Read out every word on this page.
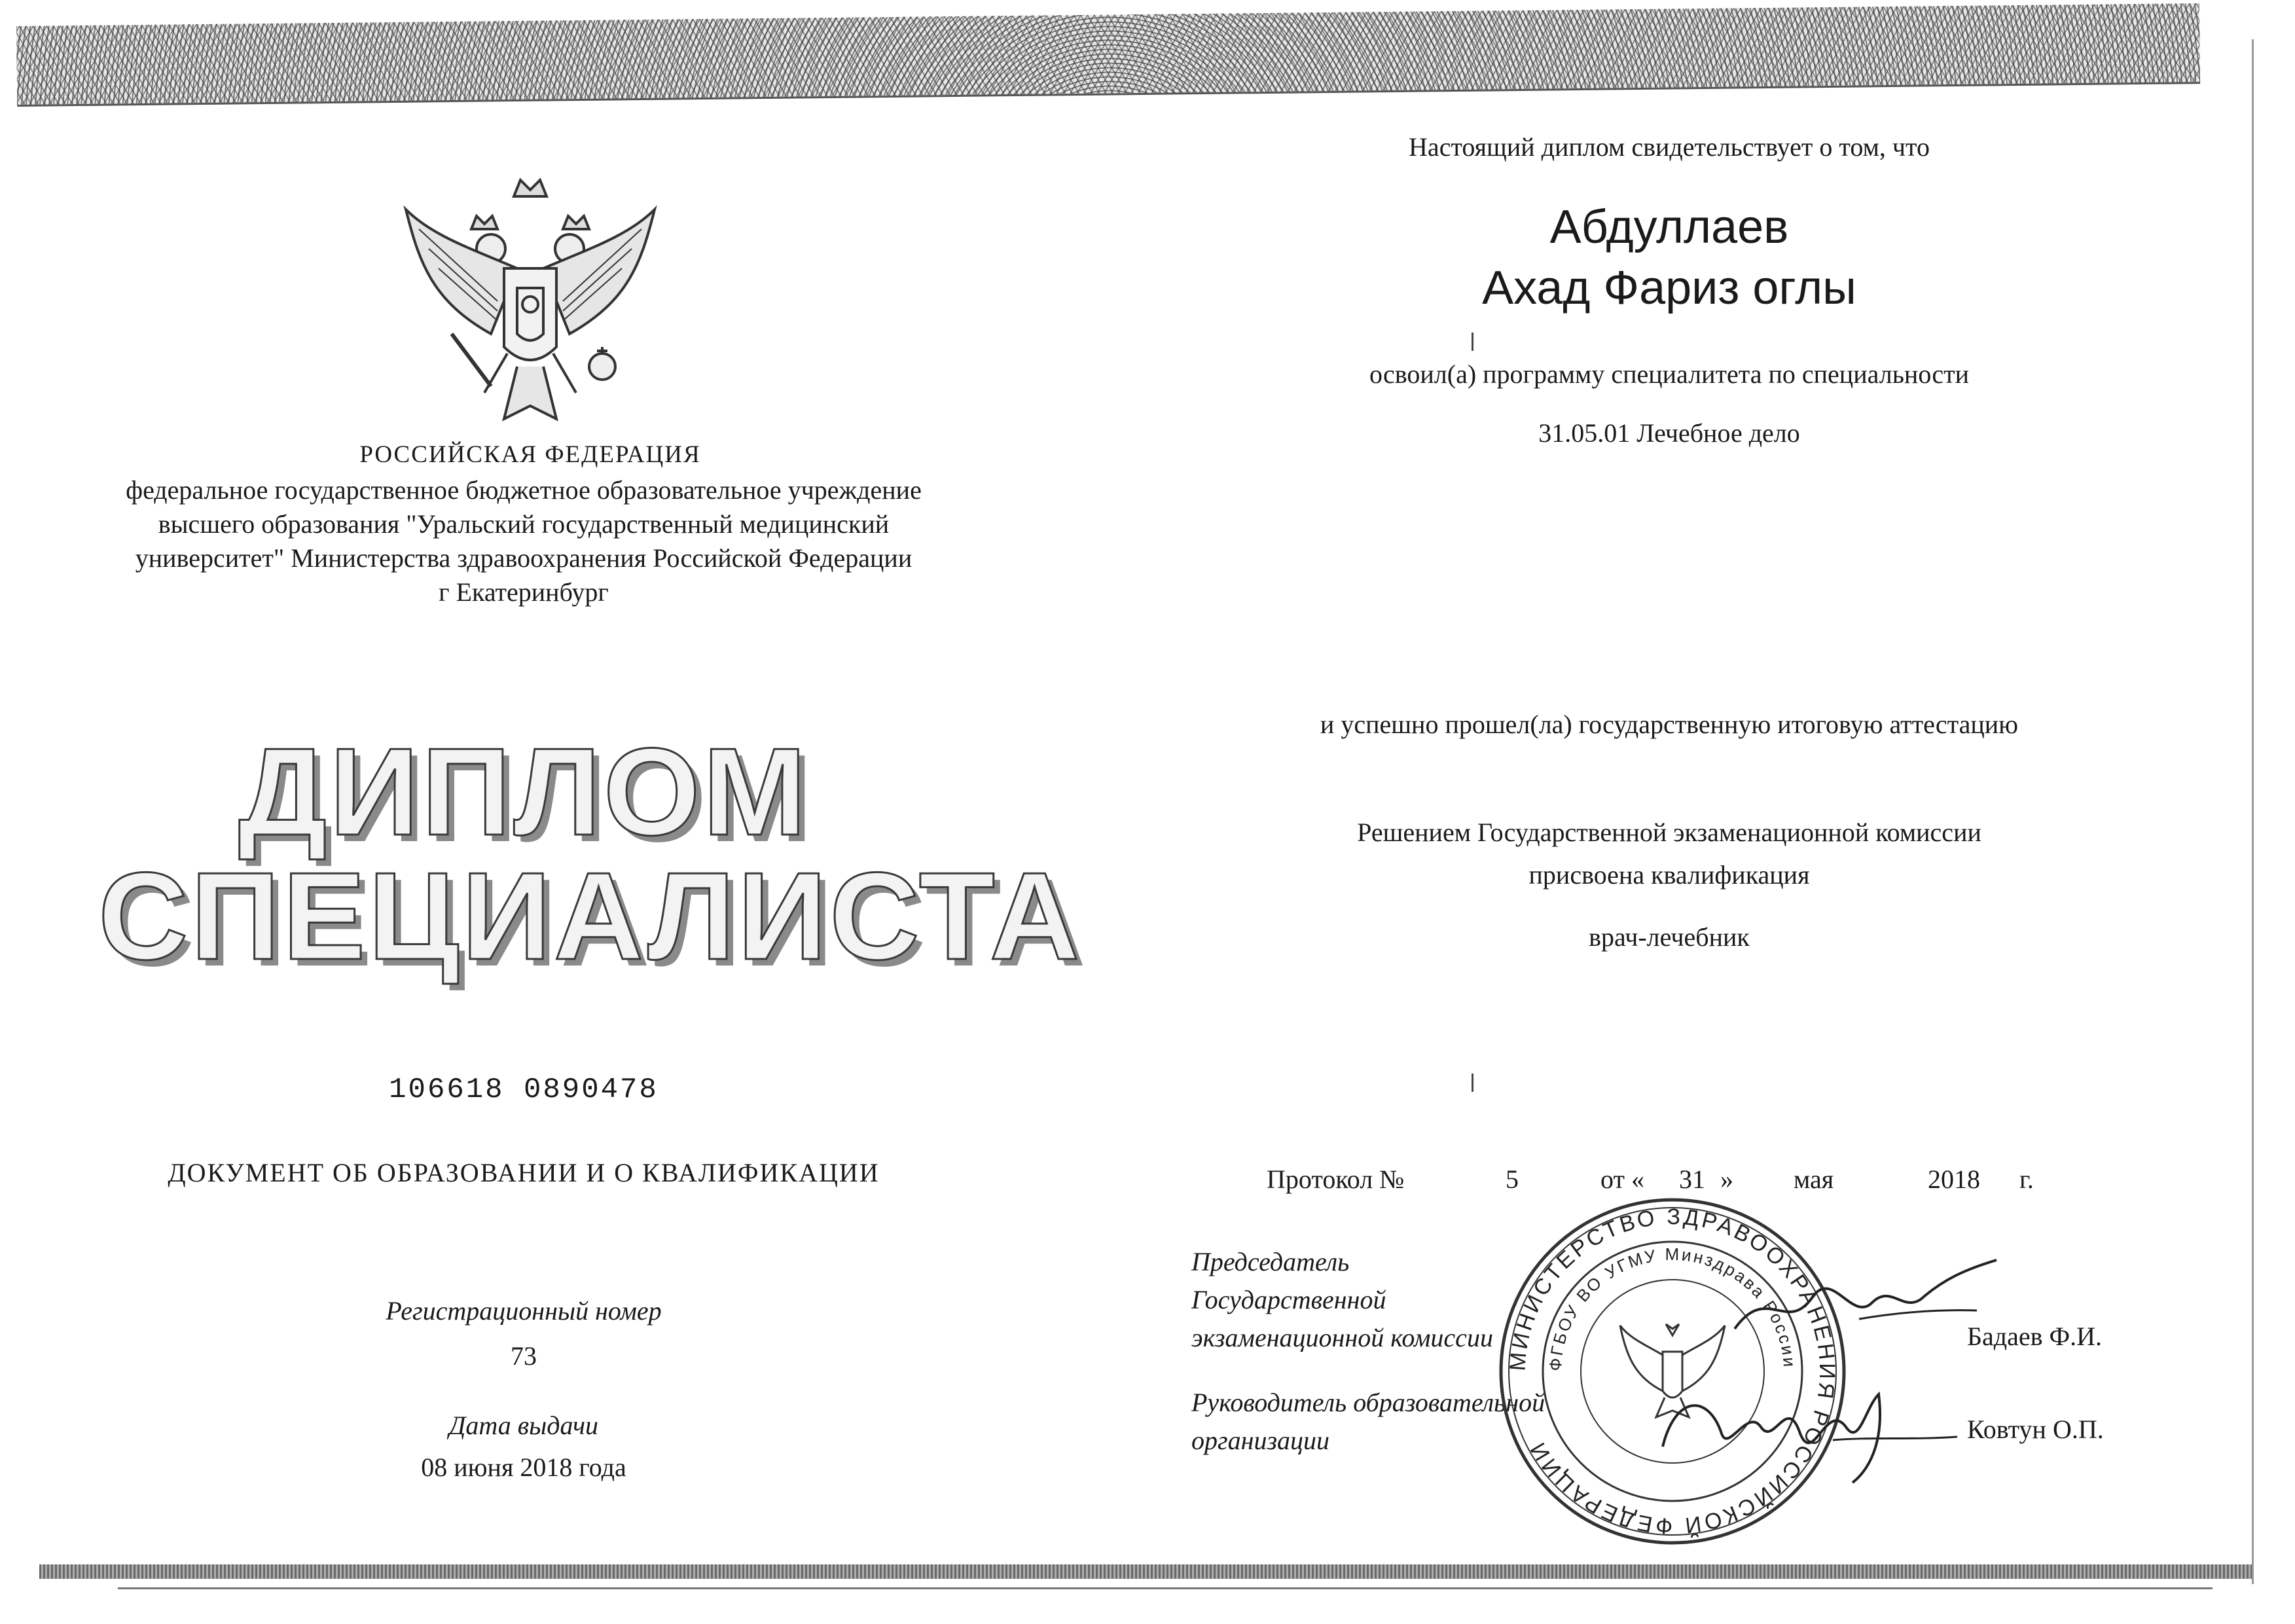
РОССИЙСКАЯ ФЕДЕРАЦИЯ
федеральное государственное бюджетное образовательное учреждение
высшего образования "Уральский государственный медицинский
университет" Министерства здравоохранения Российской Федерации
г Екатеринбург
ДИПЛОМ
СПЕЦИАЛИСТА
106618 0890478
ДОКУМЕНТ ОБ ОБРАЗОВАНИИ И О КВАЛИФИКАЦИИ
Регистрационный номер
73
Дата выдачи
08 июня 2018 года
Настоящий диплом свидетельствует о том, что
Абдуллаев
Ахад Фариз оглы
освоил(а) программу специалитета по специальности
31.05.01 Лечебное дело
и успешно прошел(ла) государственную итоговую аттестацию
Решением Государственной экзаменационной комиссии
присвоена квалификация
врач-лечебник
Протокол №	5	от « 31 » мая	2018 г.
Председатель
Государственной
экзаменационной комиссии	Бадаев Ф.И.
Руководитель образовательной
организации	Ковтун О.П.
МИНИСТЕРСТВО ЗДРАВООХРАНЕНИЯ РОССИЙСКОЙ ФЕДЕРАЦИИ
ФГБОУ ВО УГМУ Минздрава России
